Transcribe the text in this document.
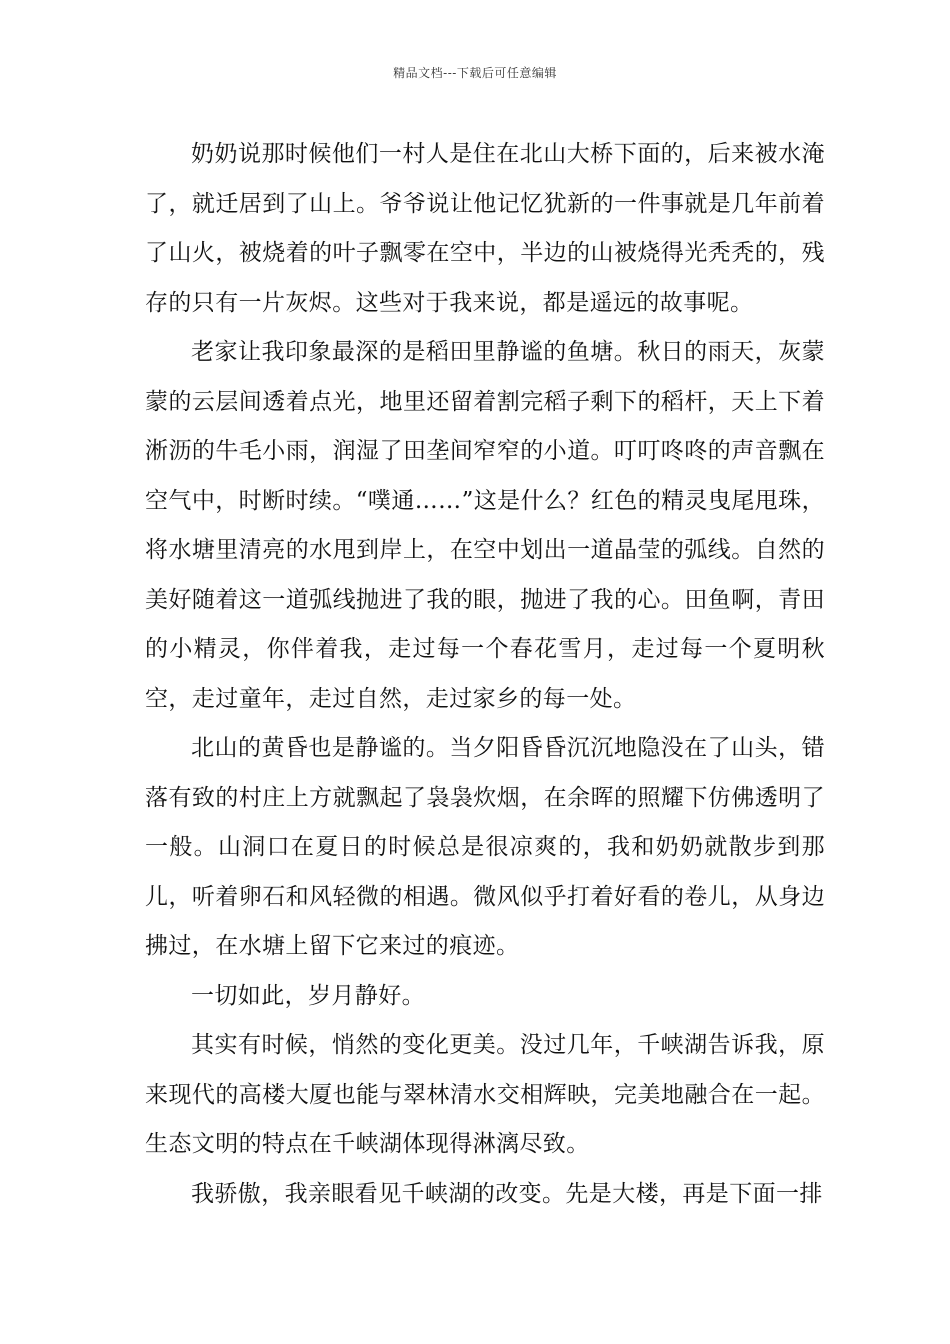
精品文档---下载后可任意编辑

奶奶说那时候他们一村人是住在北山大桥下面的，后来被水淹了，就迁居到了山上。爷爷说让他记忆犹新的一件事就是几年前着了山火，被烧着的叶子飘零在空中，半边的山被烧得光秃秃的，残存的只有一片灰烬。这些对于我来说，都是遥远的故事呢。

老家让我印象最深的是稻田里静谧的鱼塘。秋日的雨天，灰蒙蒙的云层间透着点光，地里还留着割完稻子剩下的稻杆，天上下着淅沥的牛毛小雨，润湿了田垄间窄窄的小道。叮叮咚咚的声音飘在空气中，时断时续。“噗通……”这是什么？红色的精灵曳尾甩珠，将水塘里清亮的水甩到岸上，在空中划出一道晶莹的弧线。自然的美好随着这一道弧线抛进了我的眼，抛进了我的心。田鱼啊，青田的小精灵，你伴着我，走过每一个春花雪月，走过每一个夏明秋空，走过童年，走过自然，走过家乡的每一处。

北山的黄昏也是静谧的。当夕阳昏昏沉沉地隐没在了山头，错落有致的村庄上方就飘起了袅袅炊烟，在余晖的照耀下仿佛透明了一般。山洞口在夏日的时候总是很凉爽的，我和奶奶就散步到那儿，听着卵石和风轻微的相遇。微风似乎打着好看的卷儿，从身边拂过，在水塘上留下它来过的痕迹。

一切如此，岁月静好。

其实有时候，悄然的变化更美。没过几年，千峡湖告诉我，原来现代的高楼大厦也能与翠林清水交相辉映，完美地融合在一起。生态文明的特点在千峡湖体现得淋漓尽致。

我骄傲，我亲眼看见千峡湖的改变。先是大楼，再是下面一排
